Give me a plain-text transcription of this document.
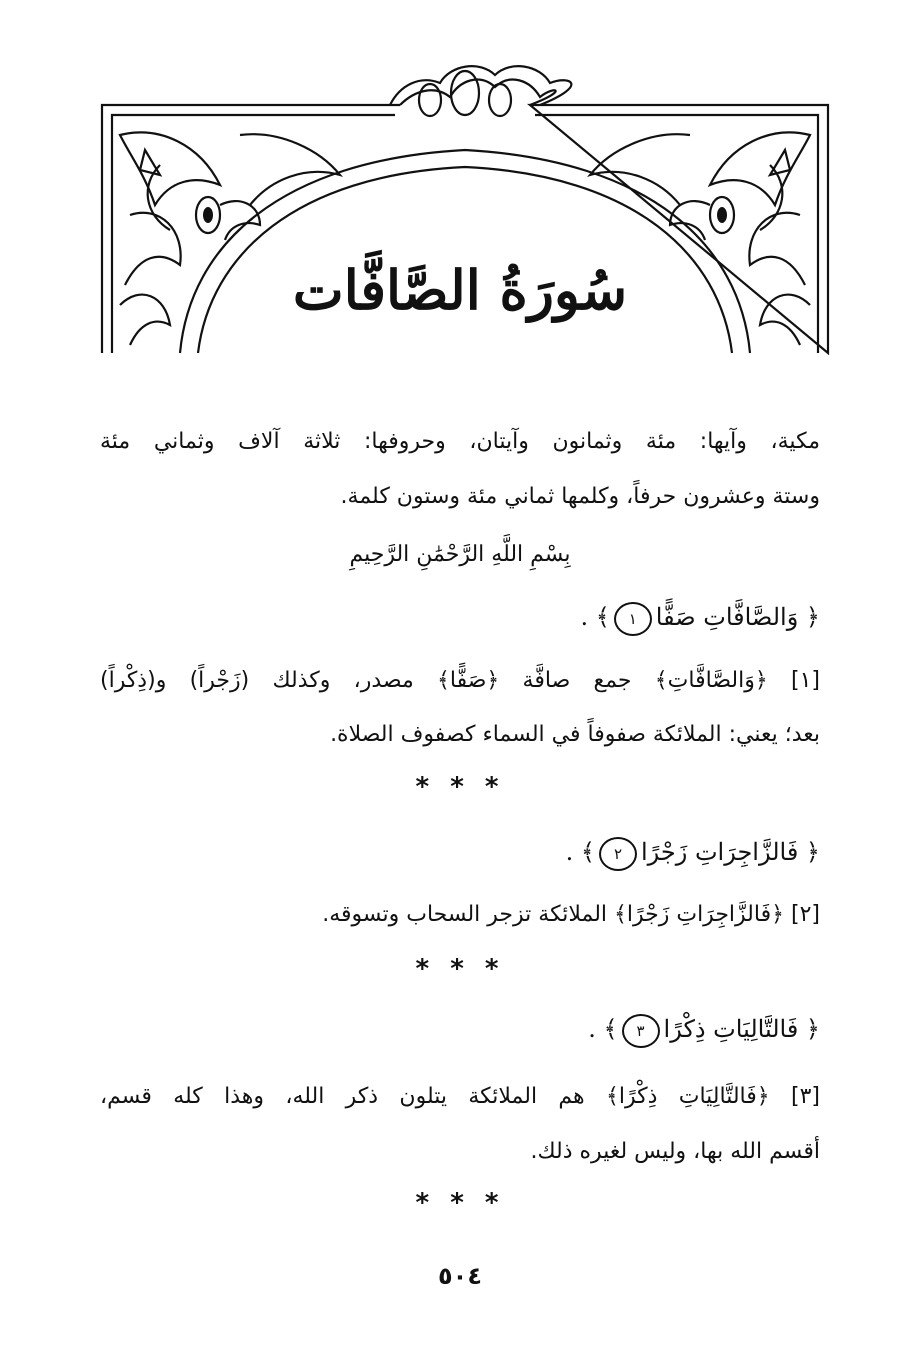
سُورَةُ الصَّافَّات
مكية، وآيها: مئة وثمانون وآيتان، وحروفها: ثلاثة آلاف وثماني مئة
وستة وعشرون حرفاً، وكلمها ثماني مئة وستون كلمة.
بِسْمِ اللَّهِ الرَّحْمَٰنِ الرَّحِيمِ
﴿ وَالصَّافَّاتِ صَفًّا١﴾ .
[١] ﴿وَالصَّافَّاتِ﴾ جمع صافَّة ﴿صَفًّا﴾ مصدر، وكذلك (زَجْراً) و(ذِكْراً)
بعد؛ يعني: الملائكة صفوفاً في السماء كصفوف الصلاة.
* * *
﴿ فَالزَّاجِرَاتِ زَجْرًا٢﴾ .
[٢] ﴿فَالزَّاجِرَاتِ زَجْرًا﴾ الملائكة تزجر السحاب وتسوقه.
* * *
﴿ فَالتَّالِيَاتِ ذِكْرًا٣﴾ .
[٣] ﴿فَالتَّالِيَاتِ ذِكْرًا﴾ هم الملائكة يتلون ذكر الله، وهذا كله قسم،
أقسم الله بها، وليس لغيره ذلك.
* * *
٥٠٤
